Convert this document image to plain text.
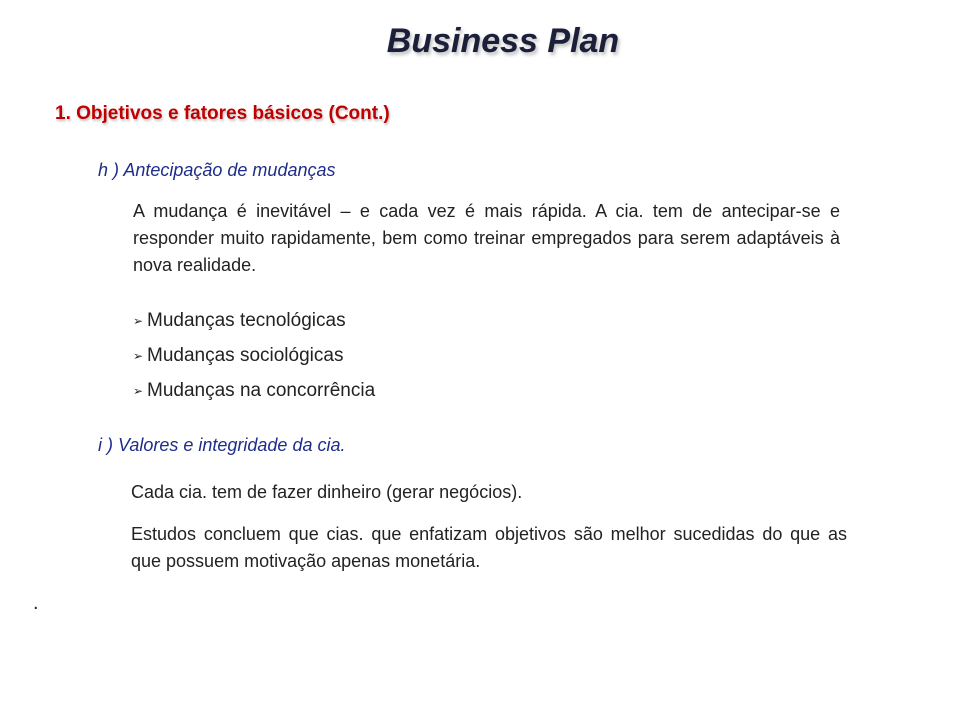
Business Plan
1. Objetivos e fatores básicos (Cont.)
h ) Antecipação de mudanças
A mudança é inevitável – e cada vez é mais rápida. A cia. tem de antecipar-se e responder muito rapidamente, bem como treinar empregados para serem adaptáveis à nova realidade.
➢ Mudanças tecnológicas
➢ Mudanças sociológicas
➢ Mudanças na concorrência
i ) Valores e integridade da cia.
Cada cia. tem de fazer dinheiro (gerar negócios).
Estudos concluem que cias. que enfatizam objetivos são melhor sucedidas do que as que possuem motivação apenas monetária.
.
